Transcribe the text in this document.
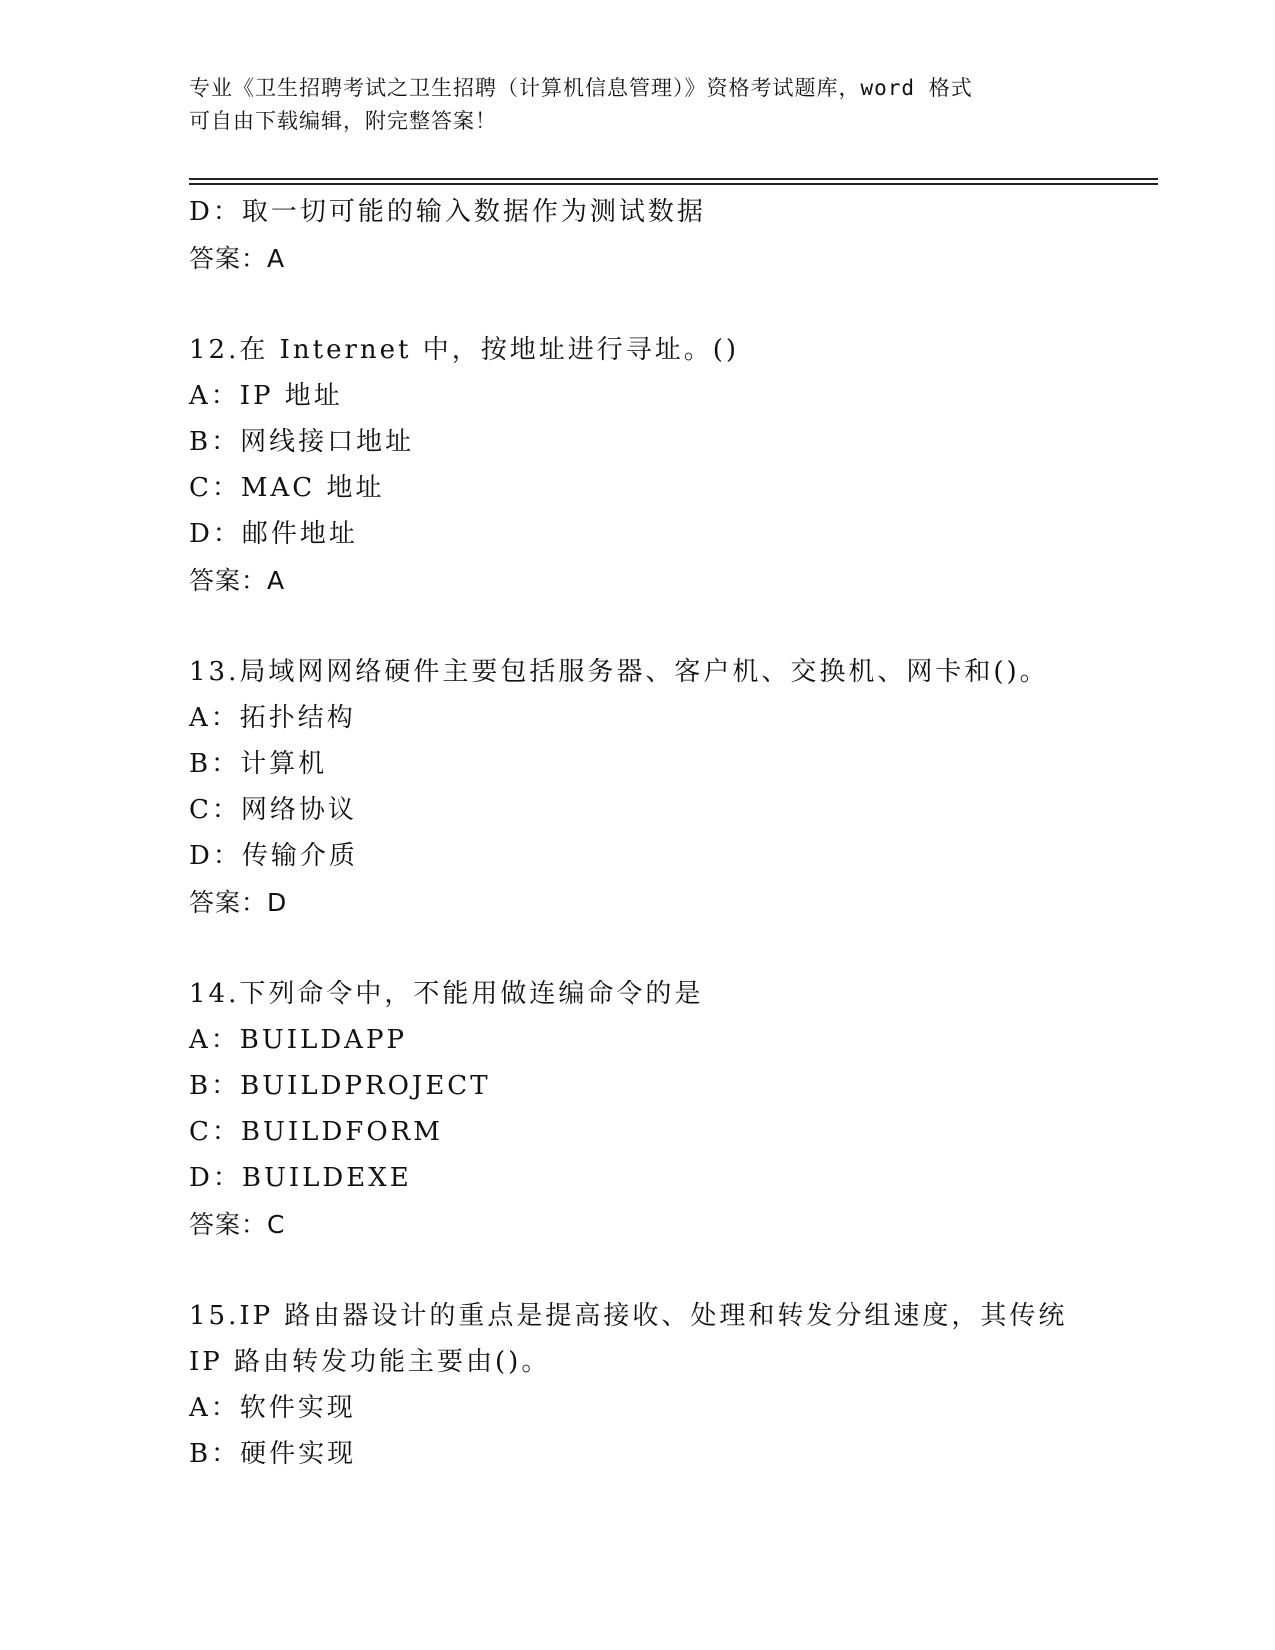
专业《卫生招聘考试之卫生招聘（计算机信息管理）》资格考试题库，word 格式
可自由下载编辑，附完整答案！
D：取一切可能的输入数据作为测试数据
答案：A
12.在 Internet 中，按地址进行寻址。()
A：IP 地址
B：网线接口地址
C：MAC 地址
D：邮件地址
答案：A
13.局域网网络硬件主要包括服务器、客户机、交换机、网卡和()。
A：拓扑结构
B：计算机
C：网络协议
D：传输介质
答案：D
14.下列命令中，不能用做连编命令的是
A：BUILDAPP
B：BUILDPROJECT
C：BUILDFORM
D：BUILDEXE
答案：C
15.IP 路由器设计的重点是提高接收、处理和转发分组速度，其传统
IP 路由转发功能主要由()。
A：软件实现
B：硬件实现
